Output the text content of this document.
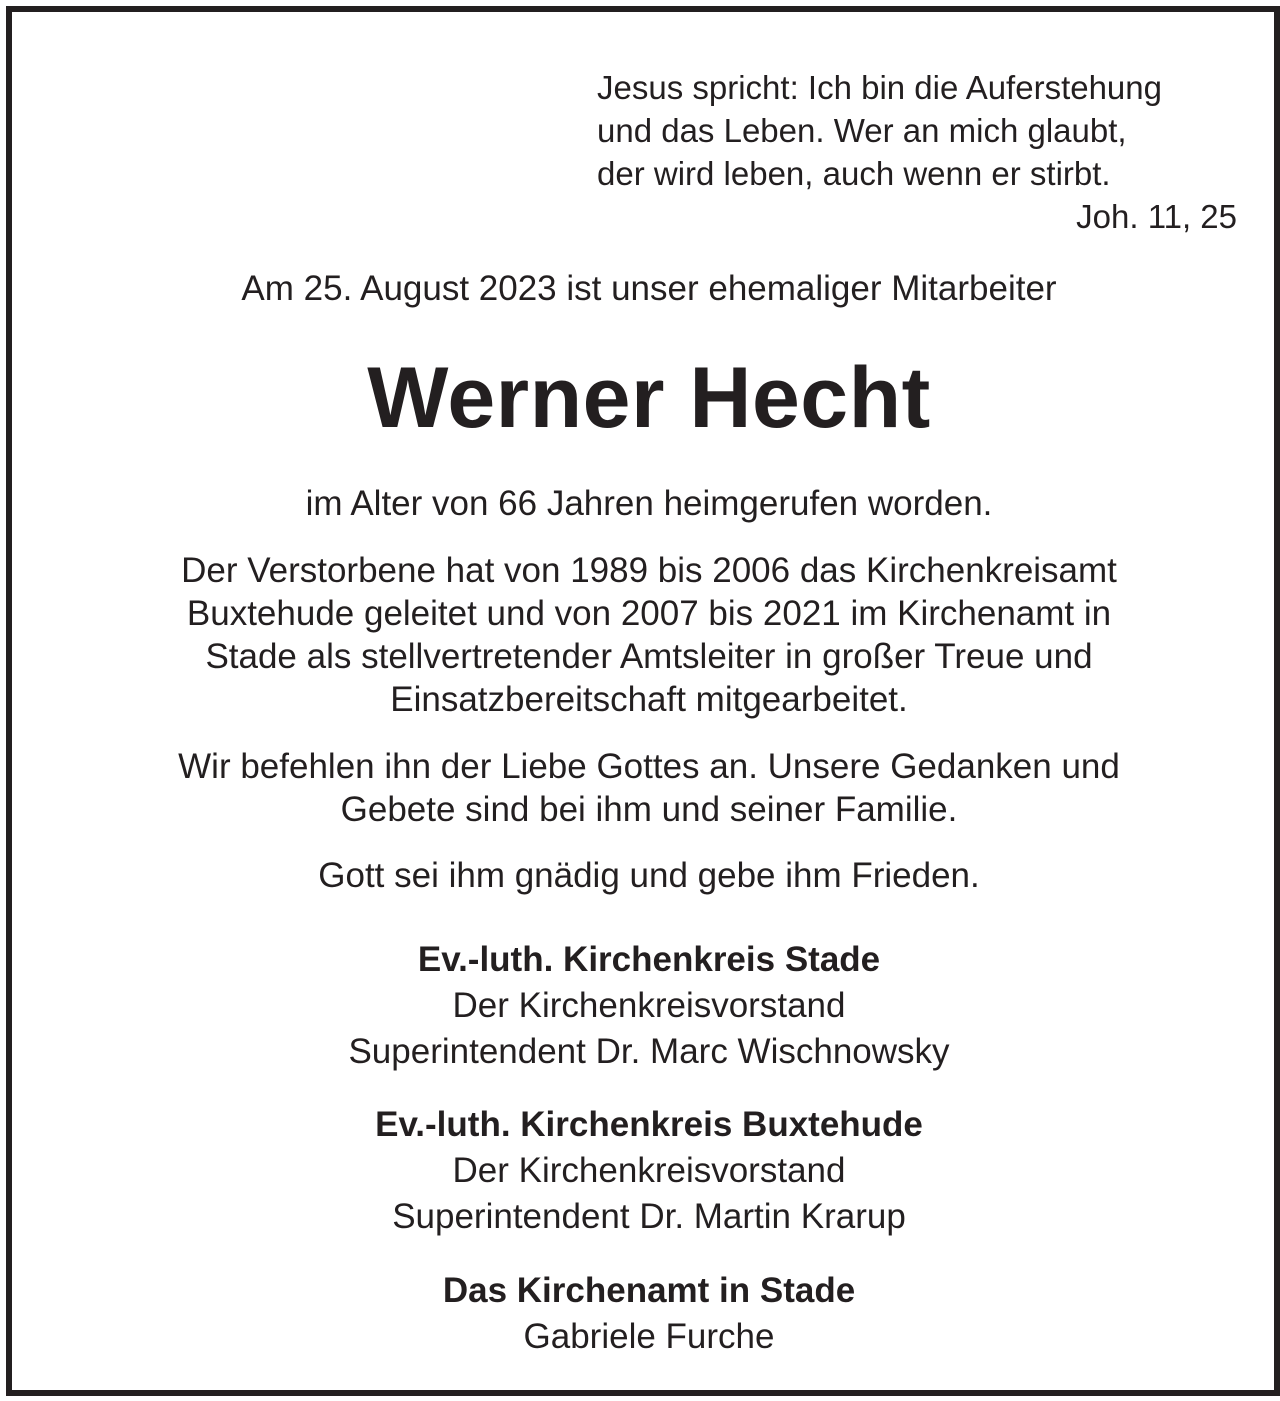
Jesus spricht: Ich bin die Auferstehung
und das Leben. Wer an mich glaubt,
der wird leben, auch wenn er stirbt.
Joh. 11, 25
Am 25. August 2023 ist unser ehemaliger Mitarbeiter
Werner Hecht
im Alter von 66 Jahren heimgerufen worden.
Der Verstorbene hat von 1989 bis 2006 das Kirchenkreisamt
Buxtehude geleitet und von 2007 bis 2021 im Kirchenamt in
Stade als stellvertretender Amtsleiter in großer Treue und
Einsatzbereitschaft mitgearbeitet.
Wir befehlen ihn der Liebe Gottes an. Unsere Gedanken und
Gebete sind bei ihm und seiner Familie.
Gott sei ihm gnädig und gebe ihm Frieden.
Ev.-luth. Kirchenkreis Stade
Der Kirchenkreisvorstand
Superintendent Dr. Marc Wischnowsky
Ev.-luth. Kirchenkreis Buxtehude
Der Kirchenkreisvorstand
Superintendent Dr. Martin Krarup
Das Kirchenamt in Stade
Gabriele Furche
